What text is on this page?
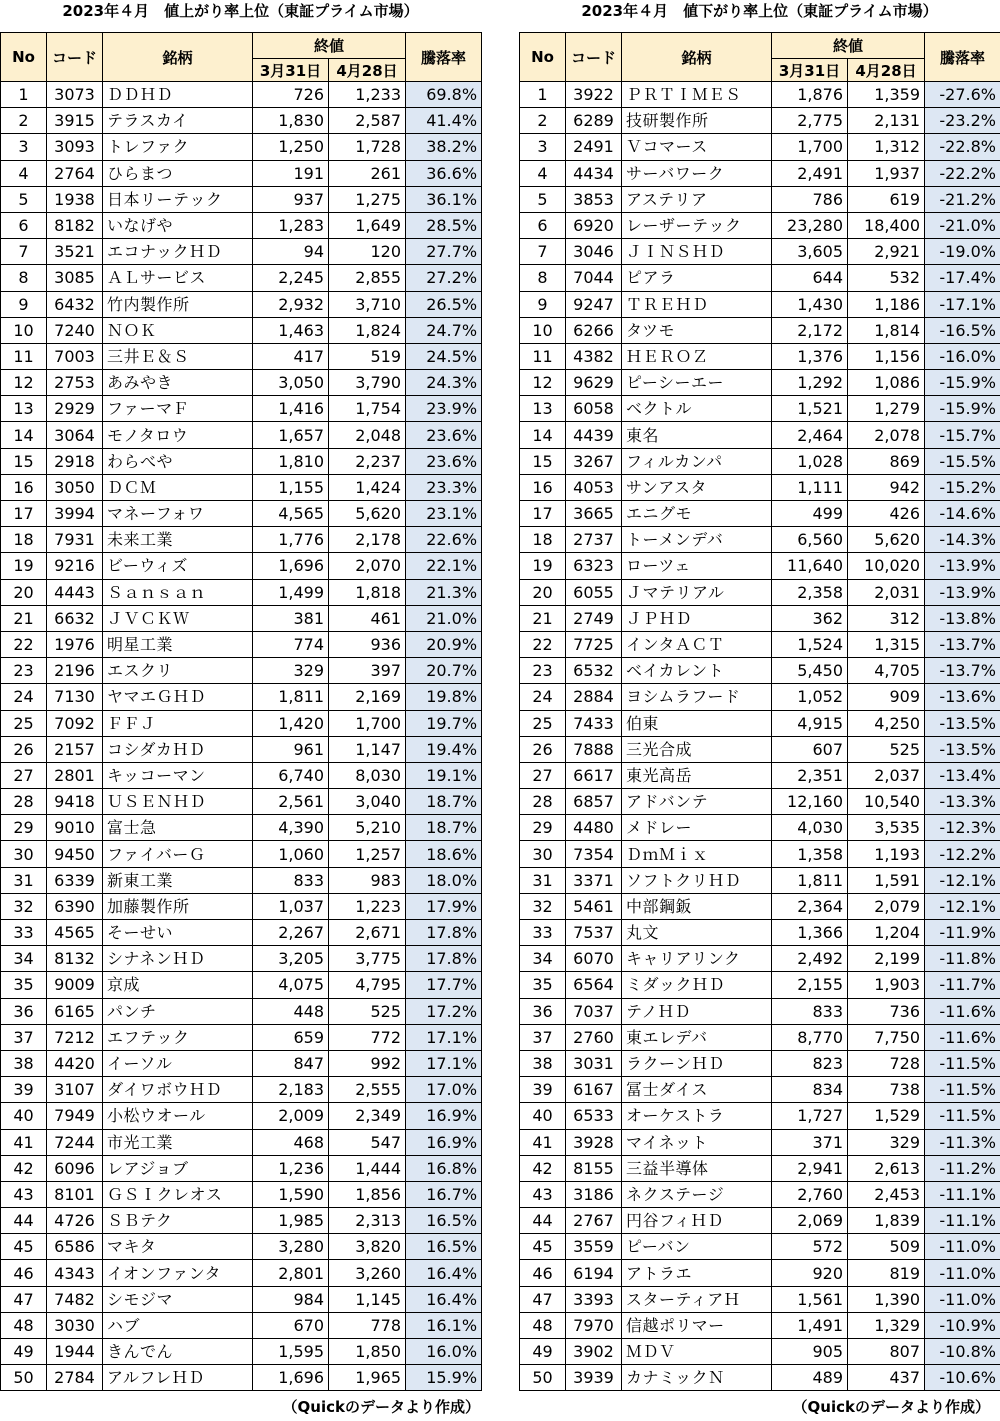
2023年４月　値上がり率上位（東証プライム市場）
No	コード	銘柄	終値		騰落率
			3月31日	4月28日	
1	3073	ＤＤＨＤ	726	1,233	69.8%
2	3915	テラスカイ	1,830	2,587	41.4%
3	3093	トレファク	1,250	1,728	38.2%
4	2764	ひらまつ	191	261	36.6%
5	1938	日本リーテック	937	1,275	36.1%
6	8182	いなげや	1,283	1,649	28.5%
7	3521	エコナックＨＤ	94	120	27.7%
8	3085	ＡＬサービス	2,245	2,855	27.2%
9	6432	竹内製作所	2,932	3,710	26.5%
10	7240	ＮＯＫ	1,463	1,824	24.7%
11	7003	三井Ｅ＆Ｓ	417	519	24.5%
12	2753	あみやき	3,050	3,790	24.3%
13	2929	ファーマＦ	1,416	1,754	23.9%
14	3064	モノタロウ	1,657	2,048	23.6%
15	2918	わらべや	1,810	2,237	23.6%
16	3050	ＤＣＭ	1,155	1,424	23.3%
17	3994	マネーフォワ	4,565	5,620	23.1%
18	7931	未来工業	1,776	2,178	22.6%
19	9216	ビーウィズ	1,696	2,070	22.1%
20	4443	Ｓａｎｓａｎ	1,499	1,818	21.3%
21	6632	ＪＶＣＫＷ	381	461	21.0%
22	1976	明星工業	774	936	20.9%
23	2196	エスクリ	329	397	20.7%
24	7130	ヤマエＧＨＤ	1,811	2,169	19.8%
25	7092	ＦＦＪ	1,420	1,700	19.7%
26	2157	コシダカＨＤ	961	1,147	19.4%
27	2801	キッコーマン	6,740	8,030	19.1%
28	9418	ＵＳＥＮＨＤ	2,561	3,040	18.7%
29	9010	富士急	4,390	5,210	18.7%
30	9450	ファイバーＧ	1,060	1,257	18.6%
31	6339	新東工業	833	983	18.0%
32	6390	加藤製作所	1,037	1,223	17.9%
33	4565	そーせい	2,267	2,671	17.8%
34	8132	シナネンＨＤ	3,205	3,775	17.8%
35	9009	京成	4,075	4,795	17.7%
36	6165	パンチ	448	525	17.2%
37	7212	エフテック	659	772	17.1%
38	4420	イーソル	847	992	17.1%
39	3107	ダイワボウＨＤ	2,183	2,555	17.0%
40	7949	小松ウオール	2,009	2,349	16.9%
41	7244	市光工業	468	547	16.9%
42	6096	レアジョブ	1,236	1,444	16.8%
43	8101	ＧＳＩクレオス	1,590	1,856	16.7%
44	4726	ＳＢテク	1,985	2,313	16.5%
45	6586	マキタ	3,280	3,820	16.5%
46	4343	イオンファンタ	2,801	3,260	16.4%
47	7482	シモジマ	984	1,145	16.4%
48	3030	ハブ	670	778	16.1%
49	1944	きんでん	1,595	1,850	16.0%
50	2784	アルフレＨＤ	1,696	1,965	15.9%
2023年４月　値下がり率上位（東証プライム市場）
No	コード	銘柄	終値		騰落率
			3月31日	4月28日	
1	3922	ＰＲＴＩＭＥＳ	1,876	1,359	-27.6%
2	6289	技研製作所	2,775	2,131	-23.2%
3	2491	Ｖコマース	1,700	1,312	-22.8%
4	4434	サーバワーク	2,491	1,937	-22.2%
5	3853	アステリア	786	619	-21.2%
6	6920	レーザーテック	23,280	18,400	-21.0%
7	3046	ＪＩＮＳＨＤ	3,605	2,921	-19.0%
8	7044	ピアラ	644	532	-17.4%
9	9247	ＴＲＥＨＤ	1,430	1,186	-17.1%
10	6266	タツモ	2,172	1,814	-16.5%
11	4382	ＨＥＲＯＺ	1,376	1,156	-16.0%
12	9629	ピーシーエー	1,292	1,086	-15.9%
13	6058	ベクトル	1,521	1,279	-15.9%
14	4439	東名	2,464	2,078	-15.7%
15	3267	フィルカンパ	1,028	869	-15.5%
16	4053	サンアスタ	1,111	942	-15.2%
17	3665	エニグモ	499	426	-14.6%
18	2737	トーメンデバ	6,560	5,620	-14.3%
19	6323	ローツェ	11,640	10,020	-13.9%
20	6055	Ｊマテリアル	2,358	2,031	-13.9%
21	2749	ＪＰＨＤ	362	312	-13.8%
22	7725	インタＡＣＴ	1,524	1,315	-13.7%
23	6532	ベイカレント	5,450	4,705	-13.7%
24	2884	ヨシムラフード	1,052	909	-13.6%
25	7433	伯東	4,915	4,250	-13.5%
26	7888	三光合成	607	525	-13.5%
27	6617	東光高岳	2,351	2,037	-13.4%
28	6857	アドバンテ	12,160	10,540	-13.3%
29	4480	メドレー	4,030	3,535	-12.3%
30	7354	ＤｍＭｉｘ	1,358	1,193	-12.2%
31	3371	ソフトクリＨＤ	1,811	1,591	-12.1%
32	5461	中部鋼鈑	2,364	2,079	-12.1%
33	7537	丸文	1,366	1,204	-11.9%
34	6070	キャリアリンク	2,492	2,199	-11.8%
35	6564	ミダックＨＤ	2,155	1,903	-11.7%
36	7037	テノＨＤ	833	736	-11.6%
37	2760	東エレデバ	8,770	7,750	-11.6%
38	3031	ラクーンＨＤ	823	728	-11.5%
39	6167	冨士ダイス	834	738	-11.5%
40	6533	オーケストラ	1,727	1,529	-11.5%
41	3928	マイネット	371	329	-11.3%
42	8155	三益半導体	2,941	2,613	-11.2%
43	3186	ネクステージ	2,760	2,453	-11.1%
44	2767	円谷フィＨＤ	2,069	1,839	-11.1%
45	3559	ピーバン	572	509	-11.0%
46	6194	アトラエ	920	819	-11.0%
47	3393	スターティアＨ	1,561	1,390	-11.0%
48	7970	信越ポリマー	1,491	1,329	-10.9%
49	3902	ＭＤＶ	905	807	-10.8%
50	3939	カナミックＮ	489	437	-10.6%
（Quickのデータより作成）	（Quickのデータより作成）
